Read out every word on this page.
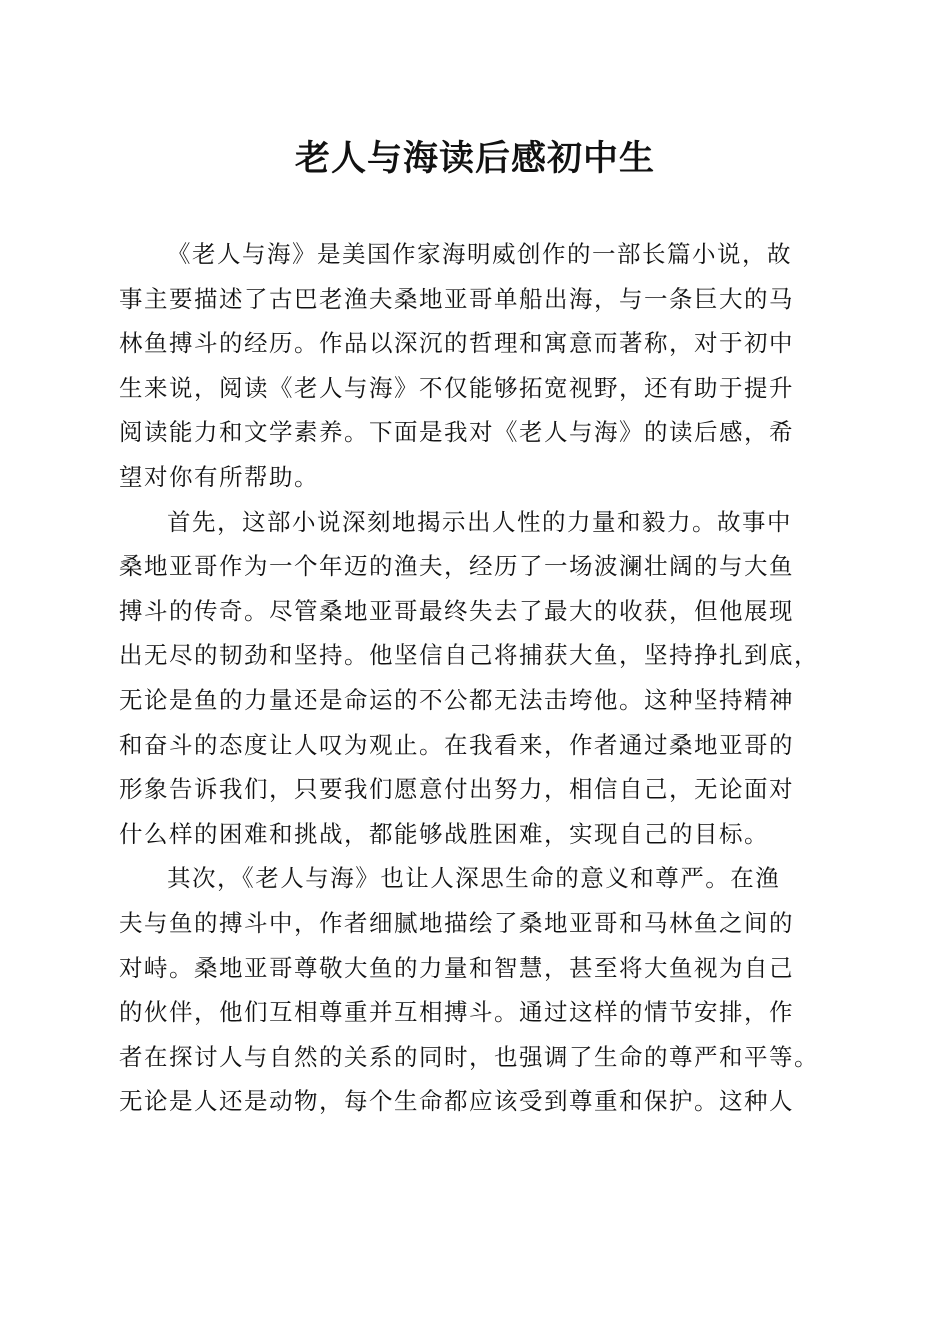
老人与海读后感初中生
《老人与海》是美国作家海明威创作的一部长篇小说，故
事主要描述了古巴老渔夫桑地亚哥单船出海，与一条巨大的马
林鱼搏斗的经历。作品以深沉的哲理和寓意而著称，对于初中
生来说，阅读《老人与海》不仅能够拓宽视野，还有助于提升
阅读能力和文学素养。下面是我对《老人与海》的读后感，希
望对你有所帮助。
首先，这部小说深刻地揭示出人性的力量和毅力。故事中
桑地亚哥作为一个年迈的渔夫，经历了一场波澜壮阔的与大鱼
搏斗的传奇。尽管桑地亚哥最终失去了最大的收获，但他展现
出无尽的韧劲和坚持。他坚信自己将捕获大鱼，坚持挣扎到底，
无论是鱼的力量还是命运的不公都无法击垮他。这种坚持精神
和奋斗的态度让人叹为观止。在我看来，作者通过桑地亚哥的
形象告诉我们，只要我们愿意付出努力，相信自己，无论面对
什么样的困难和挑战，都能够战胜困难，实现自己的目标。
其次，《老人与海》也让人深思生命的意义和尊严。在渔
夫与鱼的搏斗中，作者细腻地描绘了桑地亚哥和马林鱼之间的
对峙。桑地亚哥尊敬大鱼的力量和智慧，甚至将大鱼视为自己
的伙伴，他们互相尊重并互相搏斗。通过这样的情节安排，作
者在探讨人与自然的关系的同时，也强调了生命的尊严和平等。
无论是人还是动物，每个生命都应该受到尊重和保护。这种人
